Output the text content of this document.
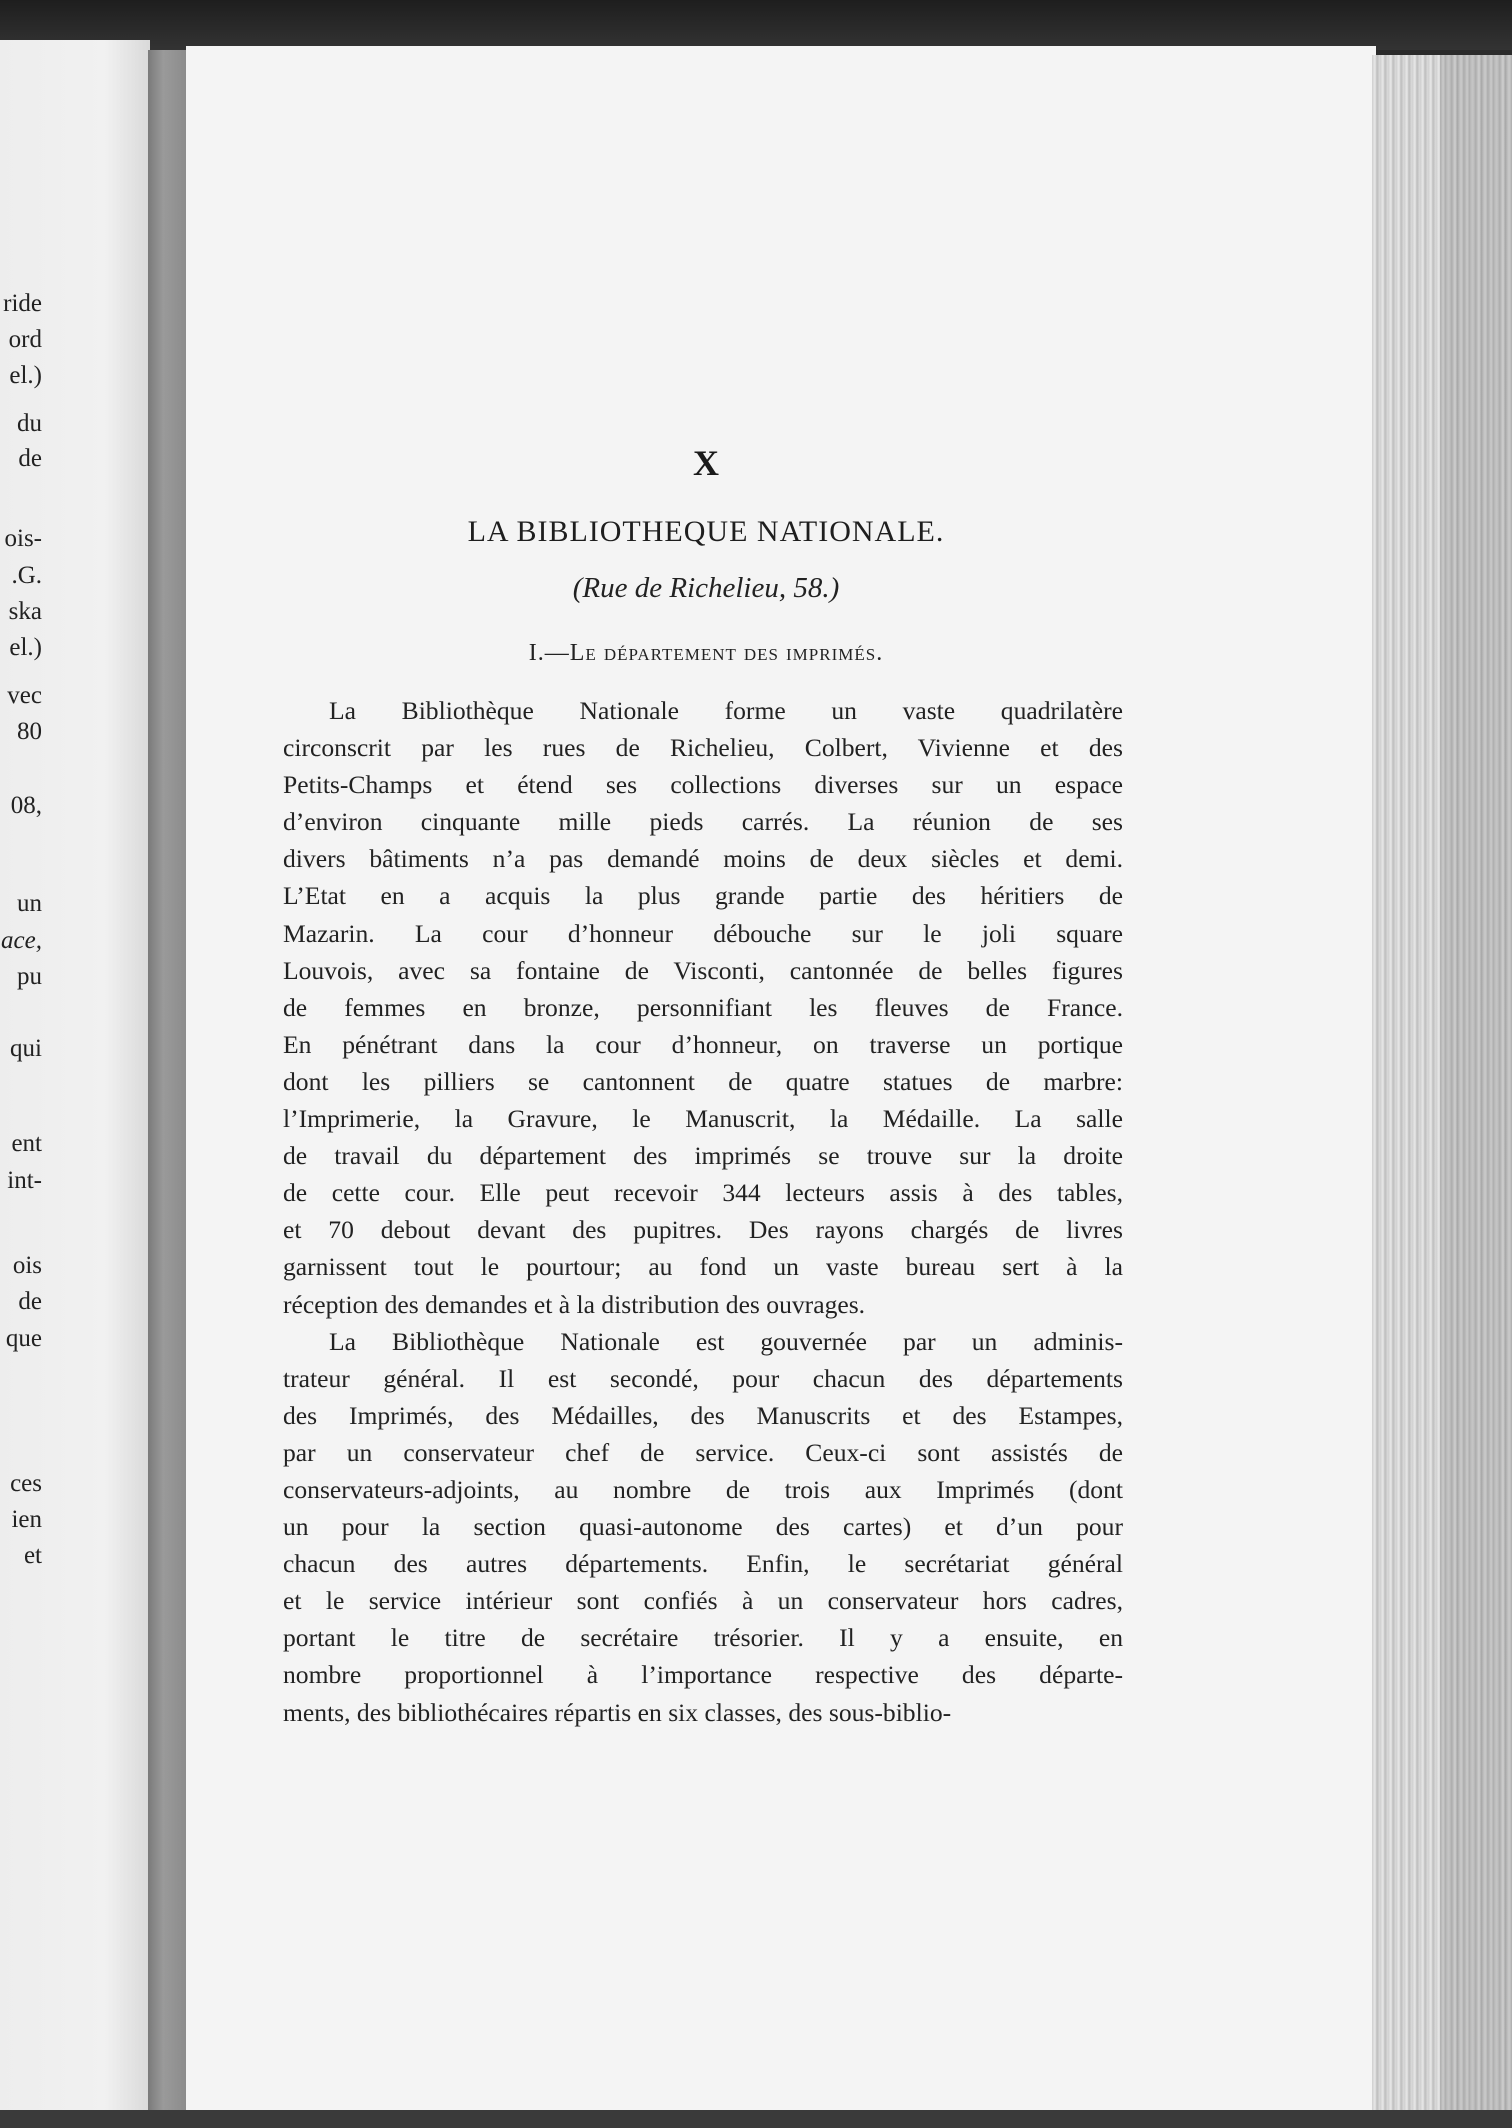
ride
ord
el.)
du
de
ois-
.G.
ska
el.)
vec
80
08,
un
ace,
pu
qui
ent
int-
ois
de
que
ces
ien
et
X
LA BIBLIOTHEQUE NATIONALE.
(Rue de Richelieu, 58.)
I.—Le département des imprimés.
La Bibliothèque Nationale forme un vaste quadrilatère
circonscrit par les rues de Richelieu, Colbert, Vivienne et des
Petits-Champs et étend ses collections diverses sur un espace
d’environ cinquante mille pieds carrés. La réunion de ses
divers bâtiments n’a pas demandé moins de deux siècles et demi.
L’Etat en a acquis la plus grande partie des héritiers de
Mazarin. La cour d’honneur débouche sur le joli square
Louvois, avec sa fontaine de Visconti, cantonnée de belles figures
de femmes en bronze, personnifiant les fleuves de France.
En pénétrant dans la cour d’honneur, on traverse un portique
dont les pilliers se cantonnent de quatre statues de marbre:
l’Imprimerie, la Gravure, le Manuscrit, la Médaille. La salle
de travail du département des imprimés se trouve sur la droite
de cette cour. Elle peut recevoir 344 lecteurs assis à des tables,
et 70 debout devant des pupitres. Des rayons chargés de livres
garnissent tout le pourtour; au fond un vaste bureau sert à la
réception des demandes et à la distribution des ouvrages.
La Bibliothèque Nationale est gouvernée par un adminis-
trateur général. Il est secondé, pour chacun des départements
des Imprimés, des Médailles, des Manuscrits et des Estampes,
par un conservateur chef de service. Ceux-ci sont assistés de
conservateurs-adjoints, au nombre de trois aux Imprimés (dont
un pour la section quasi-autonome des cartes) et d’un pour
chacun des autres départements. Enfin, le secrétariat général
et le service intérieur sont confiés à un conservateur hors cadres,
portant le titre de secrétaire trésorier. Il y a ensuite, en
nombre proportionnel à l’importance respective des départe-
ments, des bibliothécaires répartis en six classes, des sous-biblio-
